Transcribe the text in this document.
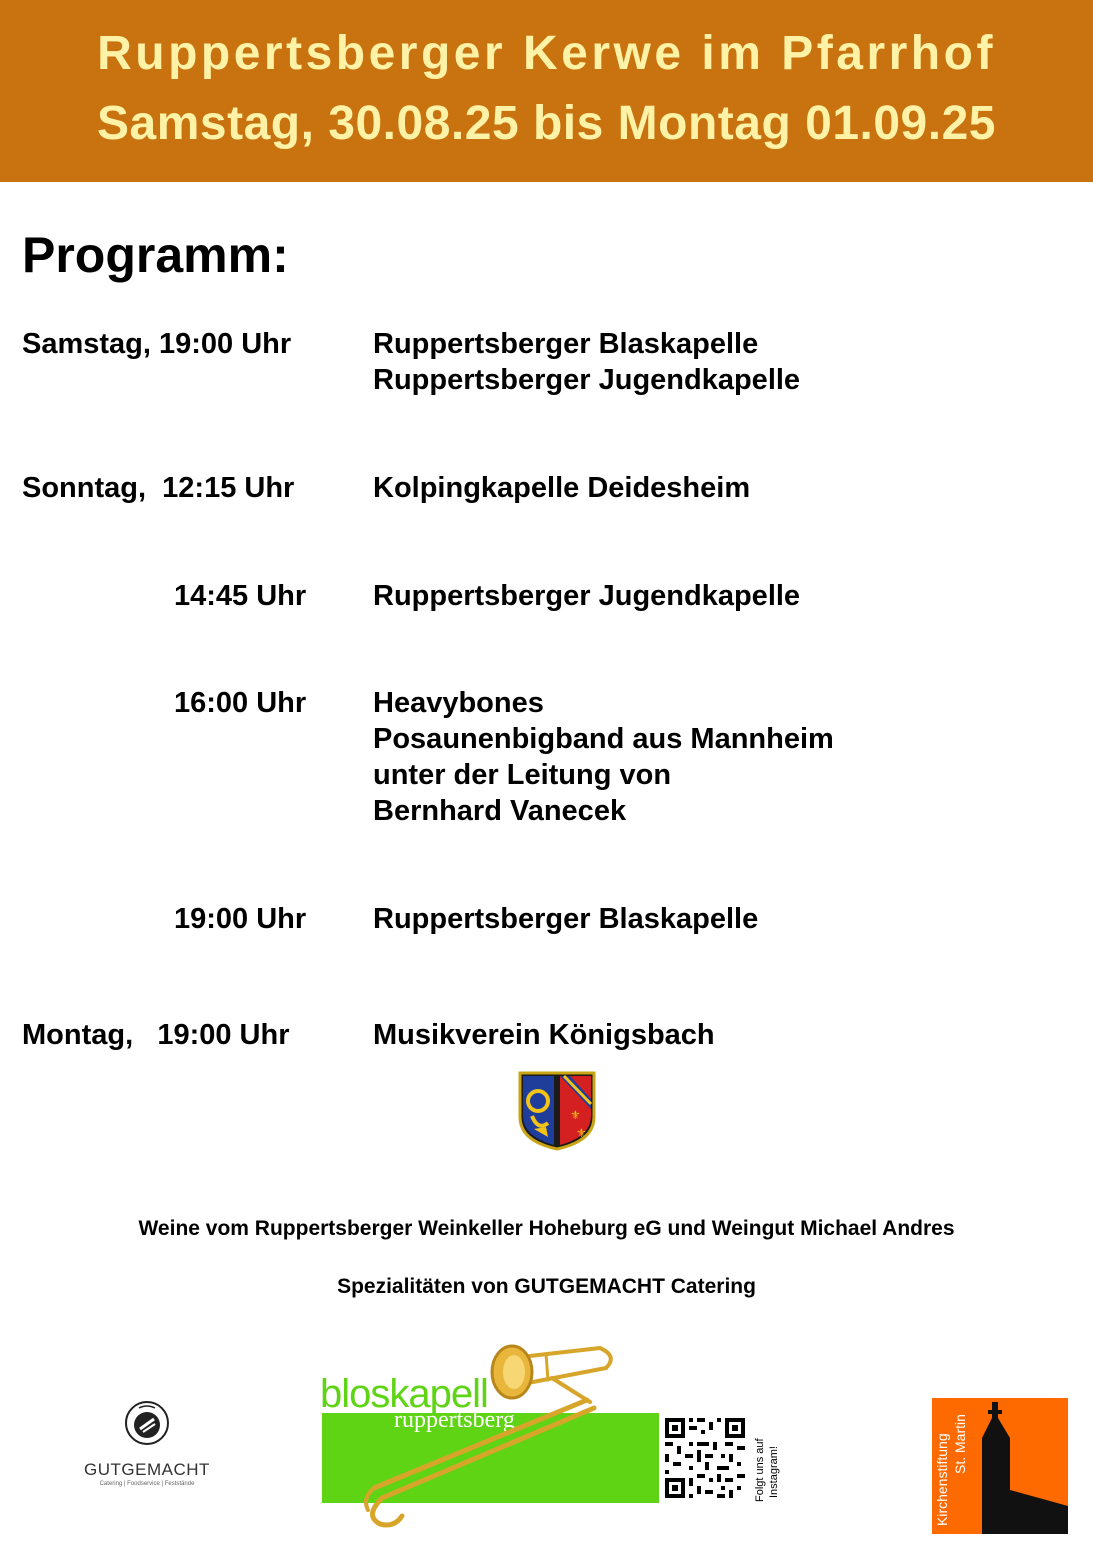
Ruppertsberger Kerwe im Pfarrhof
Samstag, 30.08.25 bis Montag 01.09.25
Programm:
Samstag, 19:00 Uhr	Ruppertsberger Blaskapelle
Ruppertsberger Jugendkapelle
Sonntag,  12:15 Uhr	Kolpingkapelle Deidesheim
14:45 Uhr Ruppertsberger Jugendkapelle
16:00 Uhr Heavybones
Posaunenbigband aus Mannheim
unter der Leitung von
Bernhard Vanecek
19:00 Uhr Ruppertsberger Blaskapelle
Montag,   19:00 Uhr	Musikverein Königsbach
⚜
⚜
Weine vom Ruppertsberger Weinkeller Hoheburg eG und Weingut Michael Andres
Spezialitäten von GUTGEMACHT Catering
GUTGEMACHT
Catering | Foodservice | Feststände
bloskapell
ruppertsberg
Folgt uns auf Instagram!	Kirchenstiftung St. Martin
